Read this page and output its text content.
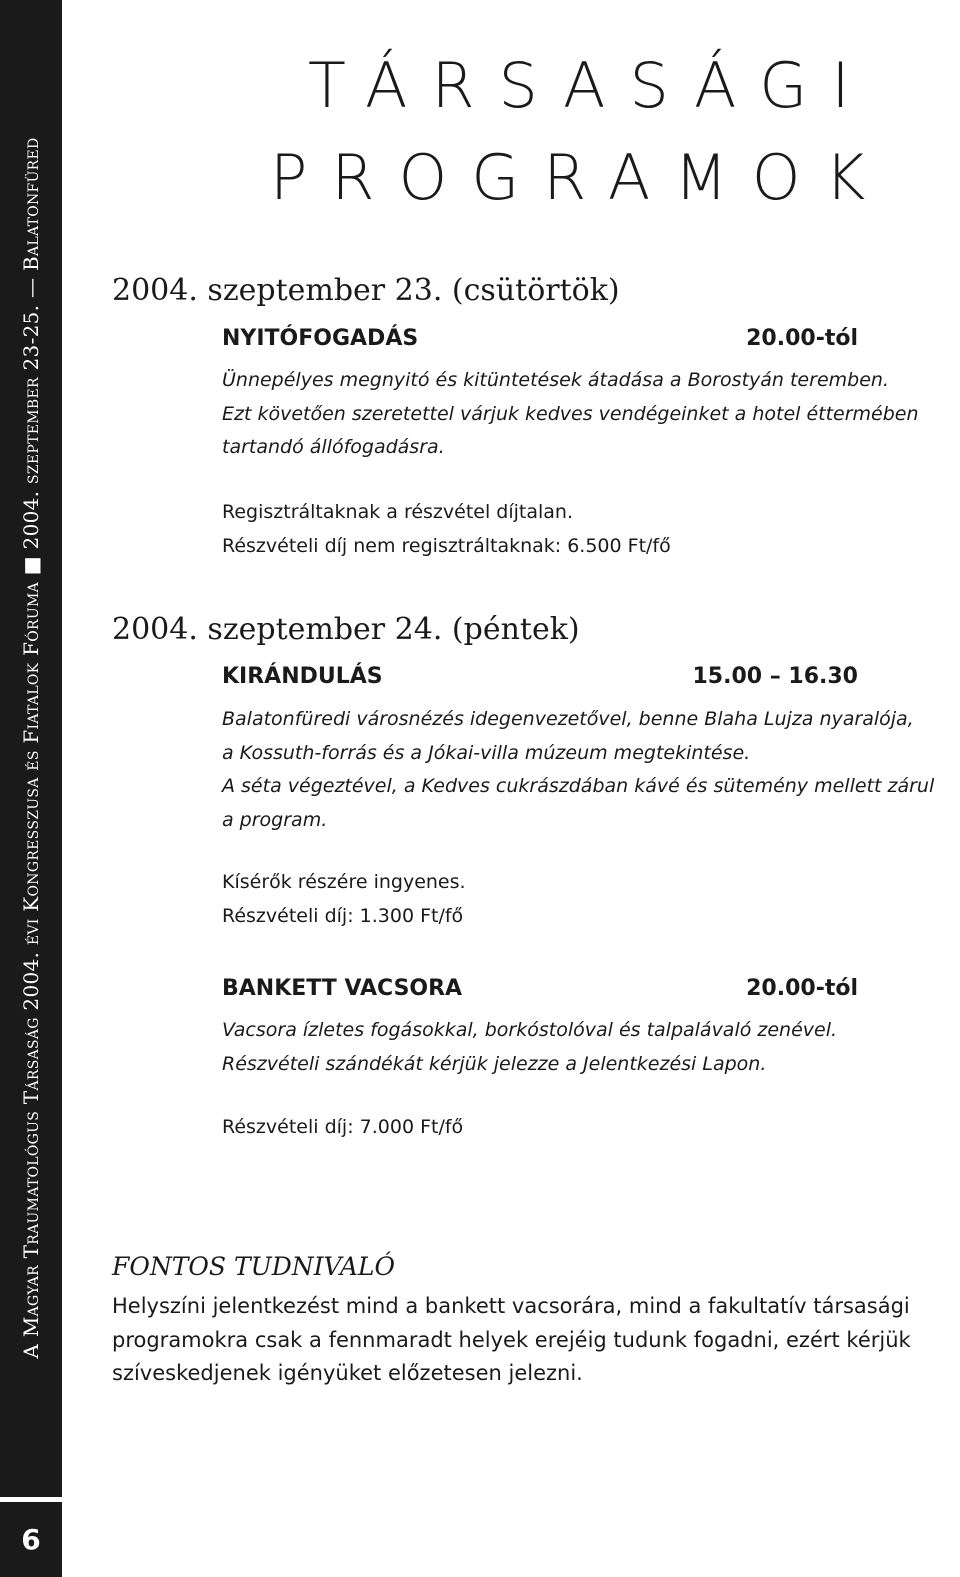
A Magyar Traumatológus Társaság 2004. évi Kongresszusa és Fiatalok Fóruma ■ 2004. szeptember 23-25. — Balatonfüred
6
TÁRSASÁGI
PROGRAMOK
2004. szeptember 23. (csütörtök)
NYITÓFOGADÁS	20.00-tól
Ünnepélyes megnyitó és kitüntetések átadása a Borostyán teremben.
Ezt követően szeretettel várjuk kedves vendégeinket a hotel éttermében
tartandó állófogadásra.
Regisztráltaknak a részvétel díjtalan.
Részvételi díj nem regisztráltaknak: 6.500 Ft/fő
2004. szeptember 24. (péntek)
KIRÁNDULÁS	15.00 – 16.30
Balatonfüredi városnézés idegenvezetővel, benne Blaha Lujza nyaralója,
a Kossuth-forrás és a Jókai-villa múzeum megtekintése.
A séta végeztével, a Kedves cukrászdában kávé és sütemény mellett zárul
a program.
Kísérők részére ingyenes.
Részvételi díj: 1.300 Ft/fő
BANKETT VACSORA	20.00-tól
Vacsora ízletes fogásokkal, borkóstolóval és talpalávaló zenével.
Részvételi szándékát kérjük jelezze a Jelentkezési Lapon.
Részvételi díj: 7.000 Ft/fő
FONTOS TUDNIVALÓ
Helyszíni jelentkezést mind a bankett vacsorára, mind a fakultatív társasági
programokra csak a fennmaradt helyek erejéig tudunk fogadni, ezért kérjük
szíveskedjenek igényüket előzetesen jelezni.
